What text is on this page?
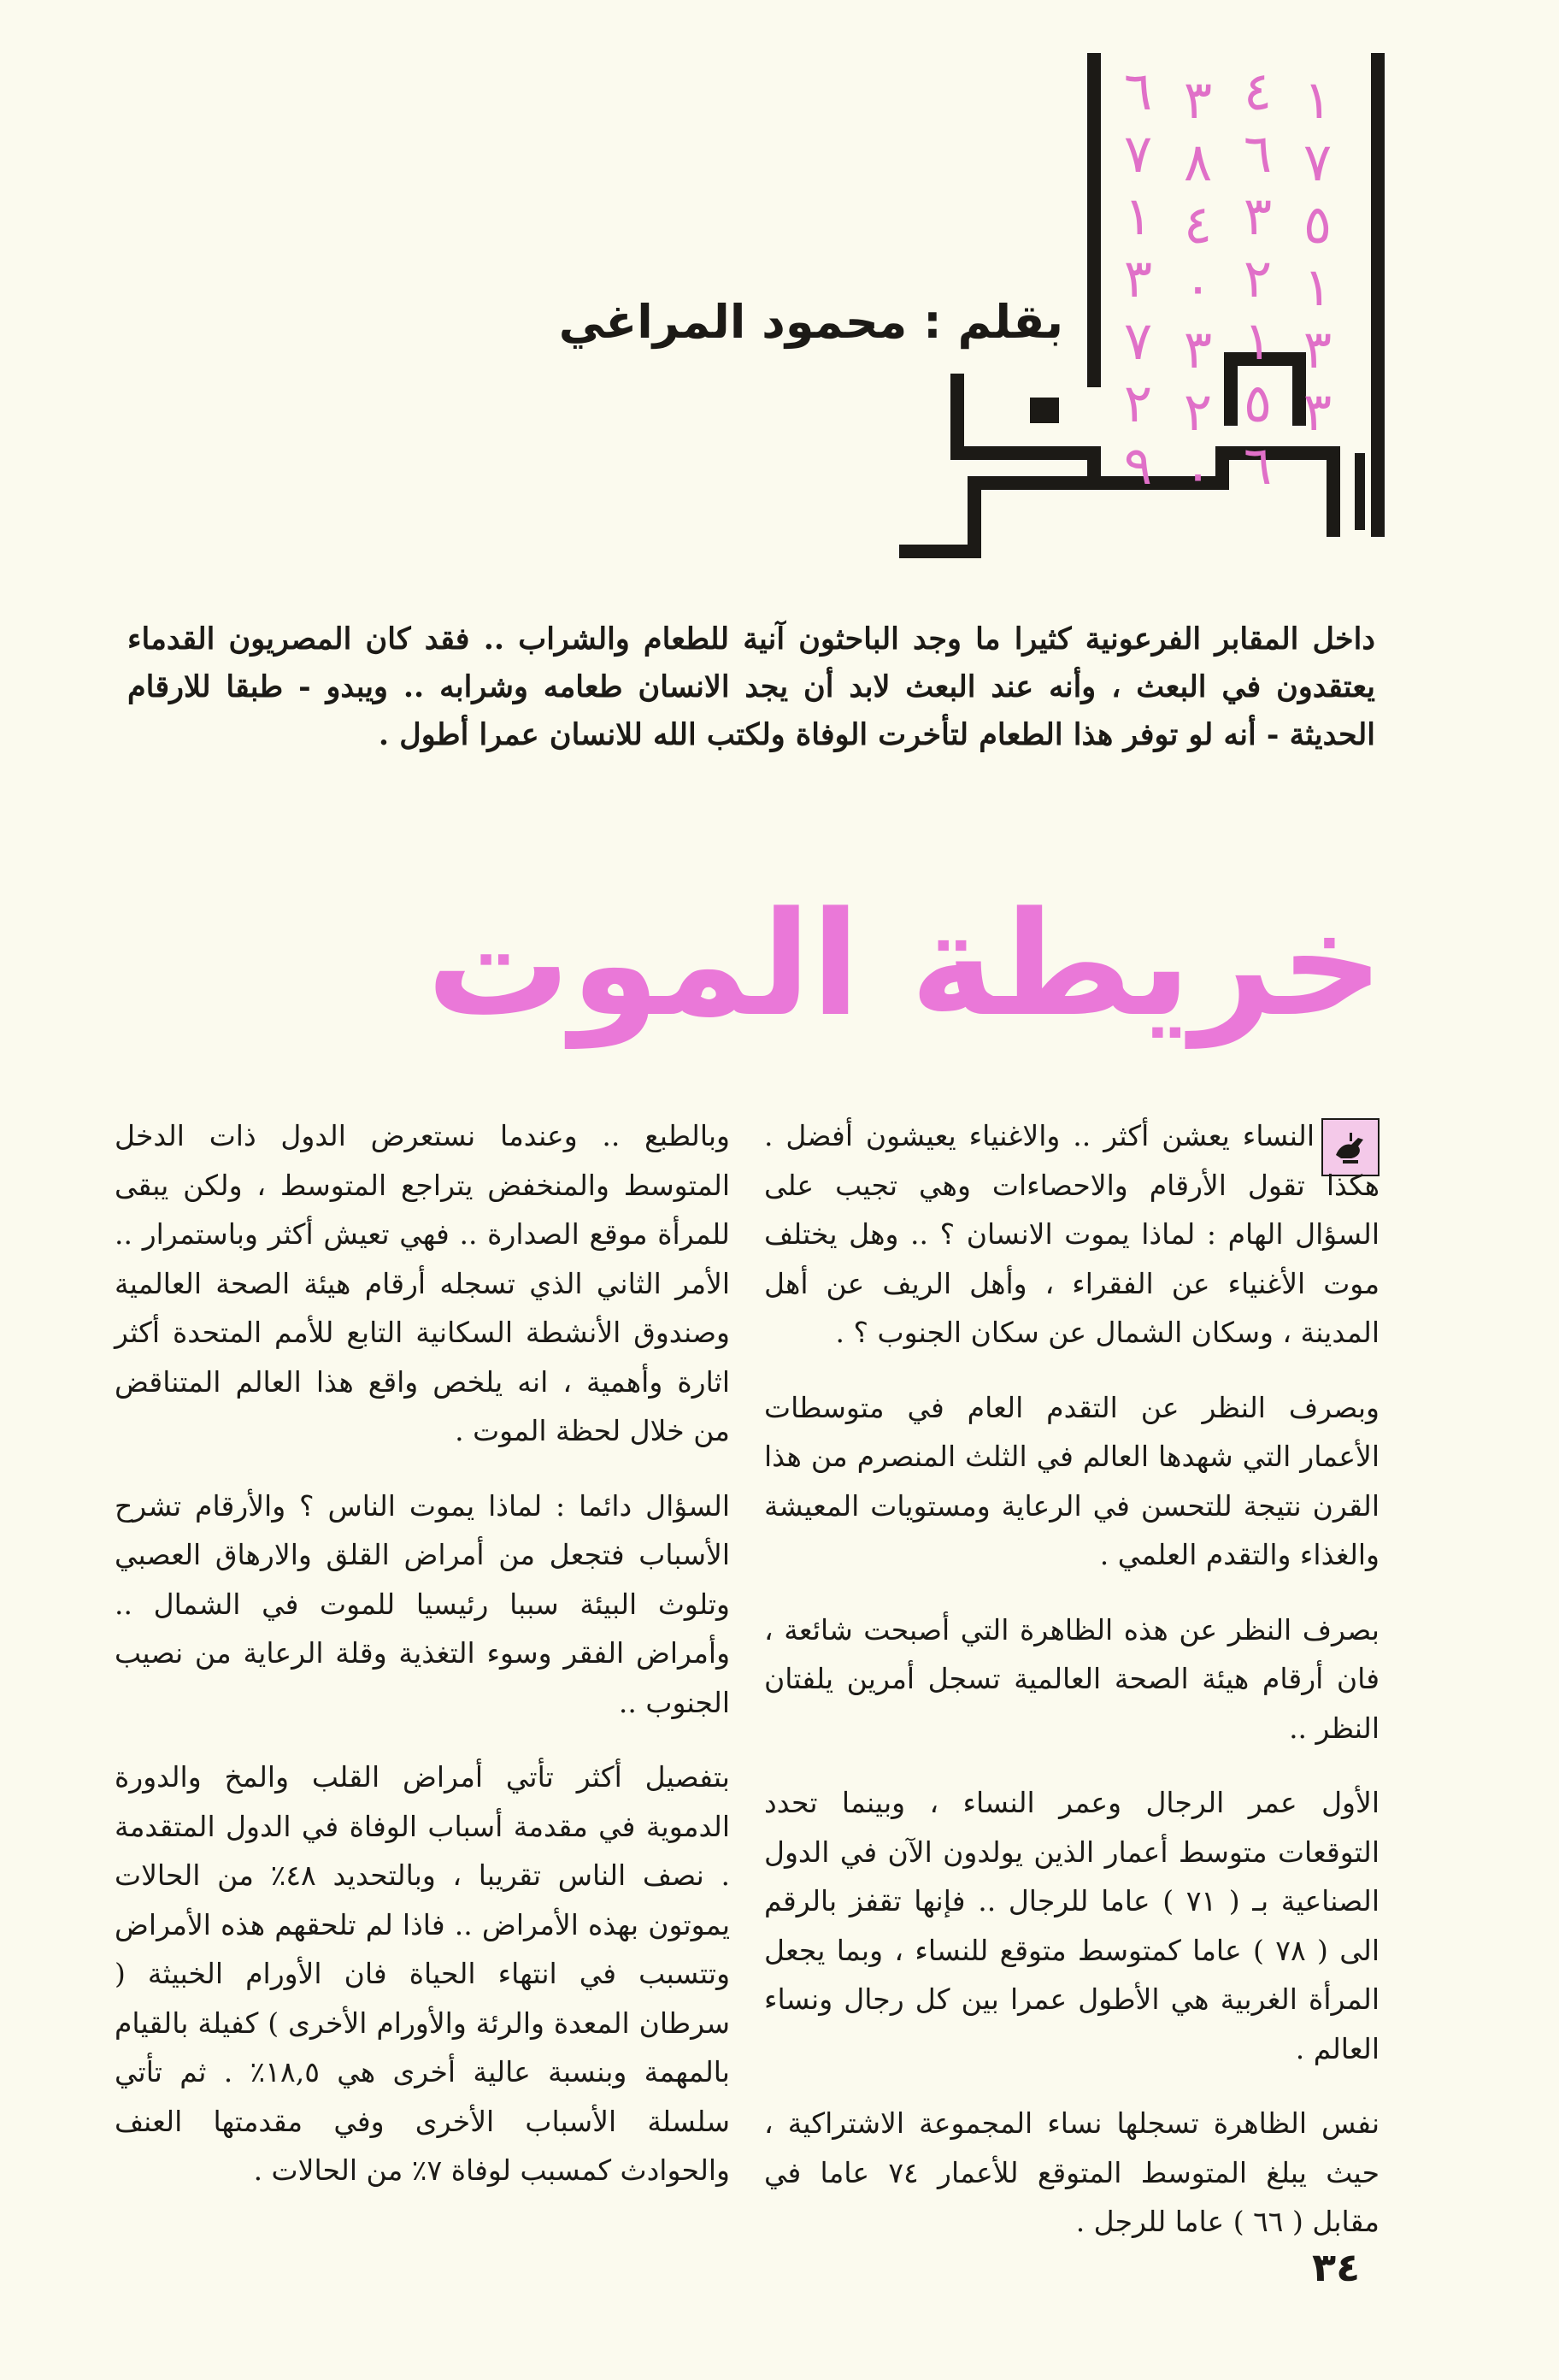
٦٧١٣٧٢٩
٣٨٤٠٣٢٠
٤٦٣٢١٥٦
١٧٥١٣٣
بقلم : محمود المراغي
داخل المقابر الفرعونية كثيرا ما وجد الباحثون آنية للطعام والشراب .. فقد كان المصريون القدماء يعتقدون في البعث ، وأنه عند البعث لابد أن يجد الانسان طعامه وشرابه .. ويبدو - طبقا للارقام الحديثة - أنه لو توفر هذا الطعام لتأخرت الوفاة ولكتب الله للانسان عمرا أطول .
خريطة الموت

النساء يعشن أكثر .. والاغنياء يعيشون أفضل . هكذا تقول الأرقام والاحصاءات وهي تجيب على السؤال الهام : لماذا يموت الانسان ؟ .. وهل يختلف موت الأغنياء عن الفقراء ، وأهل الريف عن أهل المدينة ، وسكان الشمال عن سكان الجنوب ؟ .

وبصرف النظر عن التقدم العام في متوسطات الأعمار التي شهدها العالم في الثلث المنصرم من هذا القرن نتيجة للتحسن في الرعاية ومستويات المعيشة والغذاء والتقدم العلمي .

بصرف النظر عن هذه الظاهرة التي أصبحت شائعة ، فان أرقام هيئة الصحة العالمية تسجل أمرين يلفتان النظر ..

الأول عمر الرجال وعمر النساء ، وبينما تحدد التوقعات متوسط أعمار الذين يولدون الآن في الدول الصناعية بـ ( ٧١ ) عاما للرجال .. فإنها تقفز بالرقم الى ( ٧٨ ) عاما كمتوسط متوقع للنساء ، وبما يجعل المرأة الغربية هي الأطول عمرا بين كل رجال ونساء العالم .

نفس الظاهرة تسجلها نساء المجموعة الاشتراكية ، حيث يبلغ المتوسط المتوقع للأعمار ٧٤ عاما في مقابل ( ٦٦ ) عاما للرجل .

وبالطبع .. وعندما نستعرض الدول ذات الدخل المتوسط والمنخفض يتراجع المتوسط ، ولكن يبقى للمرأة موقع الصدارة .. فهي تعيش أكثر وباستمرار .. الأمر الثاني الذي تسجله أرقام هيئة الصحة العالمية وصندوق الأنشطة السكانية التابع للأمم المتحدة أكثر اثارة وأهمية ، انه يلخص واقع هذا العالم المتناقض من خلال لحظة الموت .

السؤال دائما : لماذا يموت الناس ؟ والأرقام تشرح الأسباب فتجعل من أمراض القلق والارهاق العصبي وتلوث البيئة سببا رئيسيا للموت في الشمال .. وأمراض الفقر وسوء التغذية وقلة الرعاية من نصيب الجنوب ..

بتفصيل أكثر تأتي أمراض القلب والمخ والدورة الدموية في مقدمة أسباب الوفاة في الدول المتقدمة . نصف الناس تقريبا ، وبالتحديد ٤٨٪ من الحالات يموتون بهذه الأمراض .. فاذا لم تلحقهم هذه الأمراض وتتسبب في انتهاء الحياة فان الأورام الخبيثة ( سرطان المعدة والرئة والأورام الأخرى ) كفيلة بالقيام بالمهمة وبنسبة عالية أخرى هي ١٨,٥٪ . ثم تأتي سلسلة الأسباب الأخرى وفي مقدمتها العنف والحوادث كمسبب لوفاة ٧٪ من الحالات .

٣٤
